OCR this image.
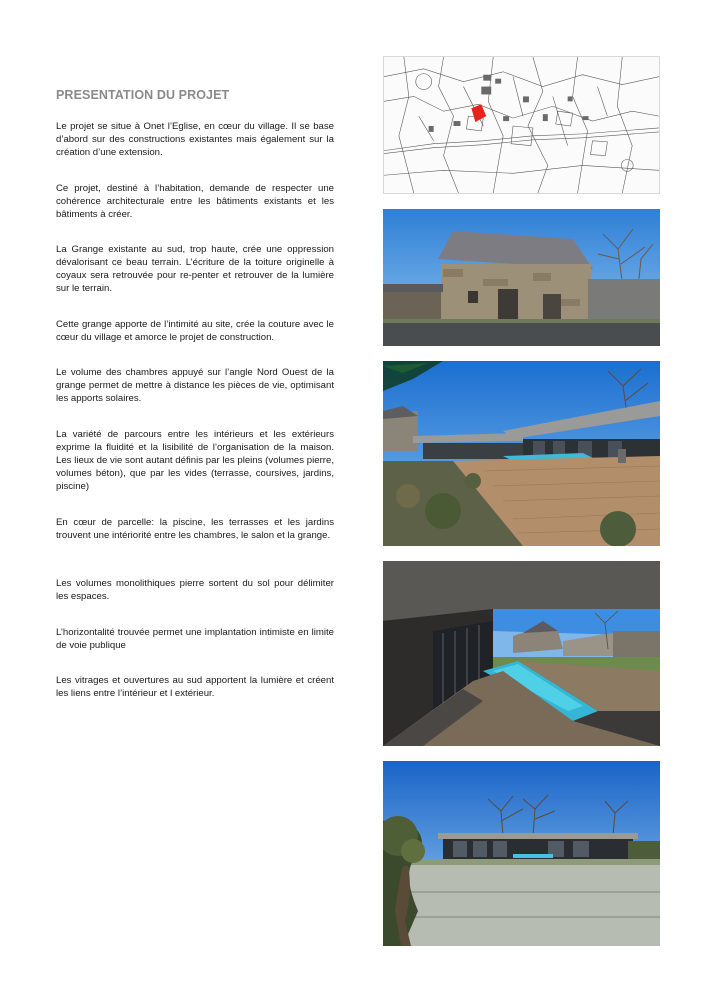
PRESENTATION DU PROJET

Le projet se situe à Onet l’Eglise, en cœur du village. Il se base d’abord sur des constructions existantes mais également sur la création d’une extension.

Ce projet, destiné à l’habitation, demande de respecter une cohérence architecturale entre les bâtiments existants et les bâtiments à créer.

La Grange existante au sud, trop haute, crée une oppression dévalorisant ce beau terrain. L’écriture de la toiture originelle à coyaux sera retrouvée pour re-penter et retrouver de la lumière sur le terrain.

Cette grange apporte de l’intimité au site, crée la couture avec le cœur du village et amorce le projet de construction.

Le volume des chambres appuyé sur l’angle Nord Ouest de la grange permet de mettre à distance les pièces de vie, optimisant les apports solaires.

La variété de parcours entre les intérieurs et les extérieurs exprime la fluidité et la lisibilité de l’organisation de la maison. Les lieux de vie sont autant définis par les pleins (volumes pierre, volumes béton), que par les vides (terrasse, coursives, jardins, piscine)

En cœur de parcelle: la piscine, les terrasses et les jardins trouvent une intériorité entre les chambres, le salon et la grange.

Les volumes monolithiques pierre sortent du sol pour délimiter les espaces.

L’horizontalité trouvée permet une implantation intimiste en limite de voie publique

Les vitrages et ouvertures au sud apportent la lumière et créent les liens entre l’intérieur et l extérieur.
